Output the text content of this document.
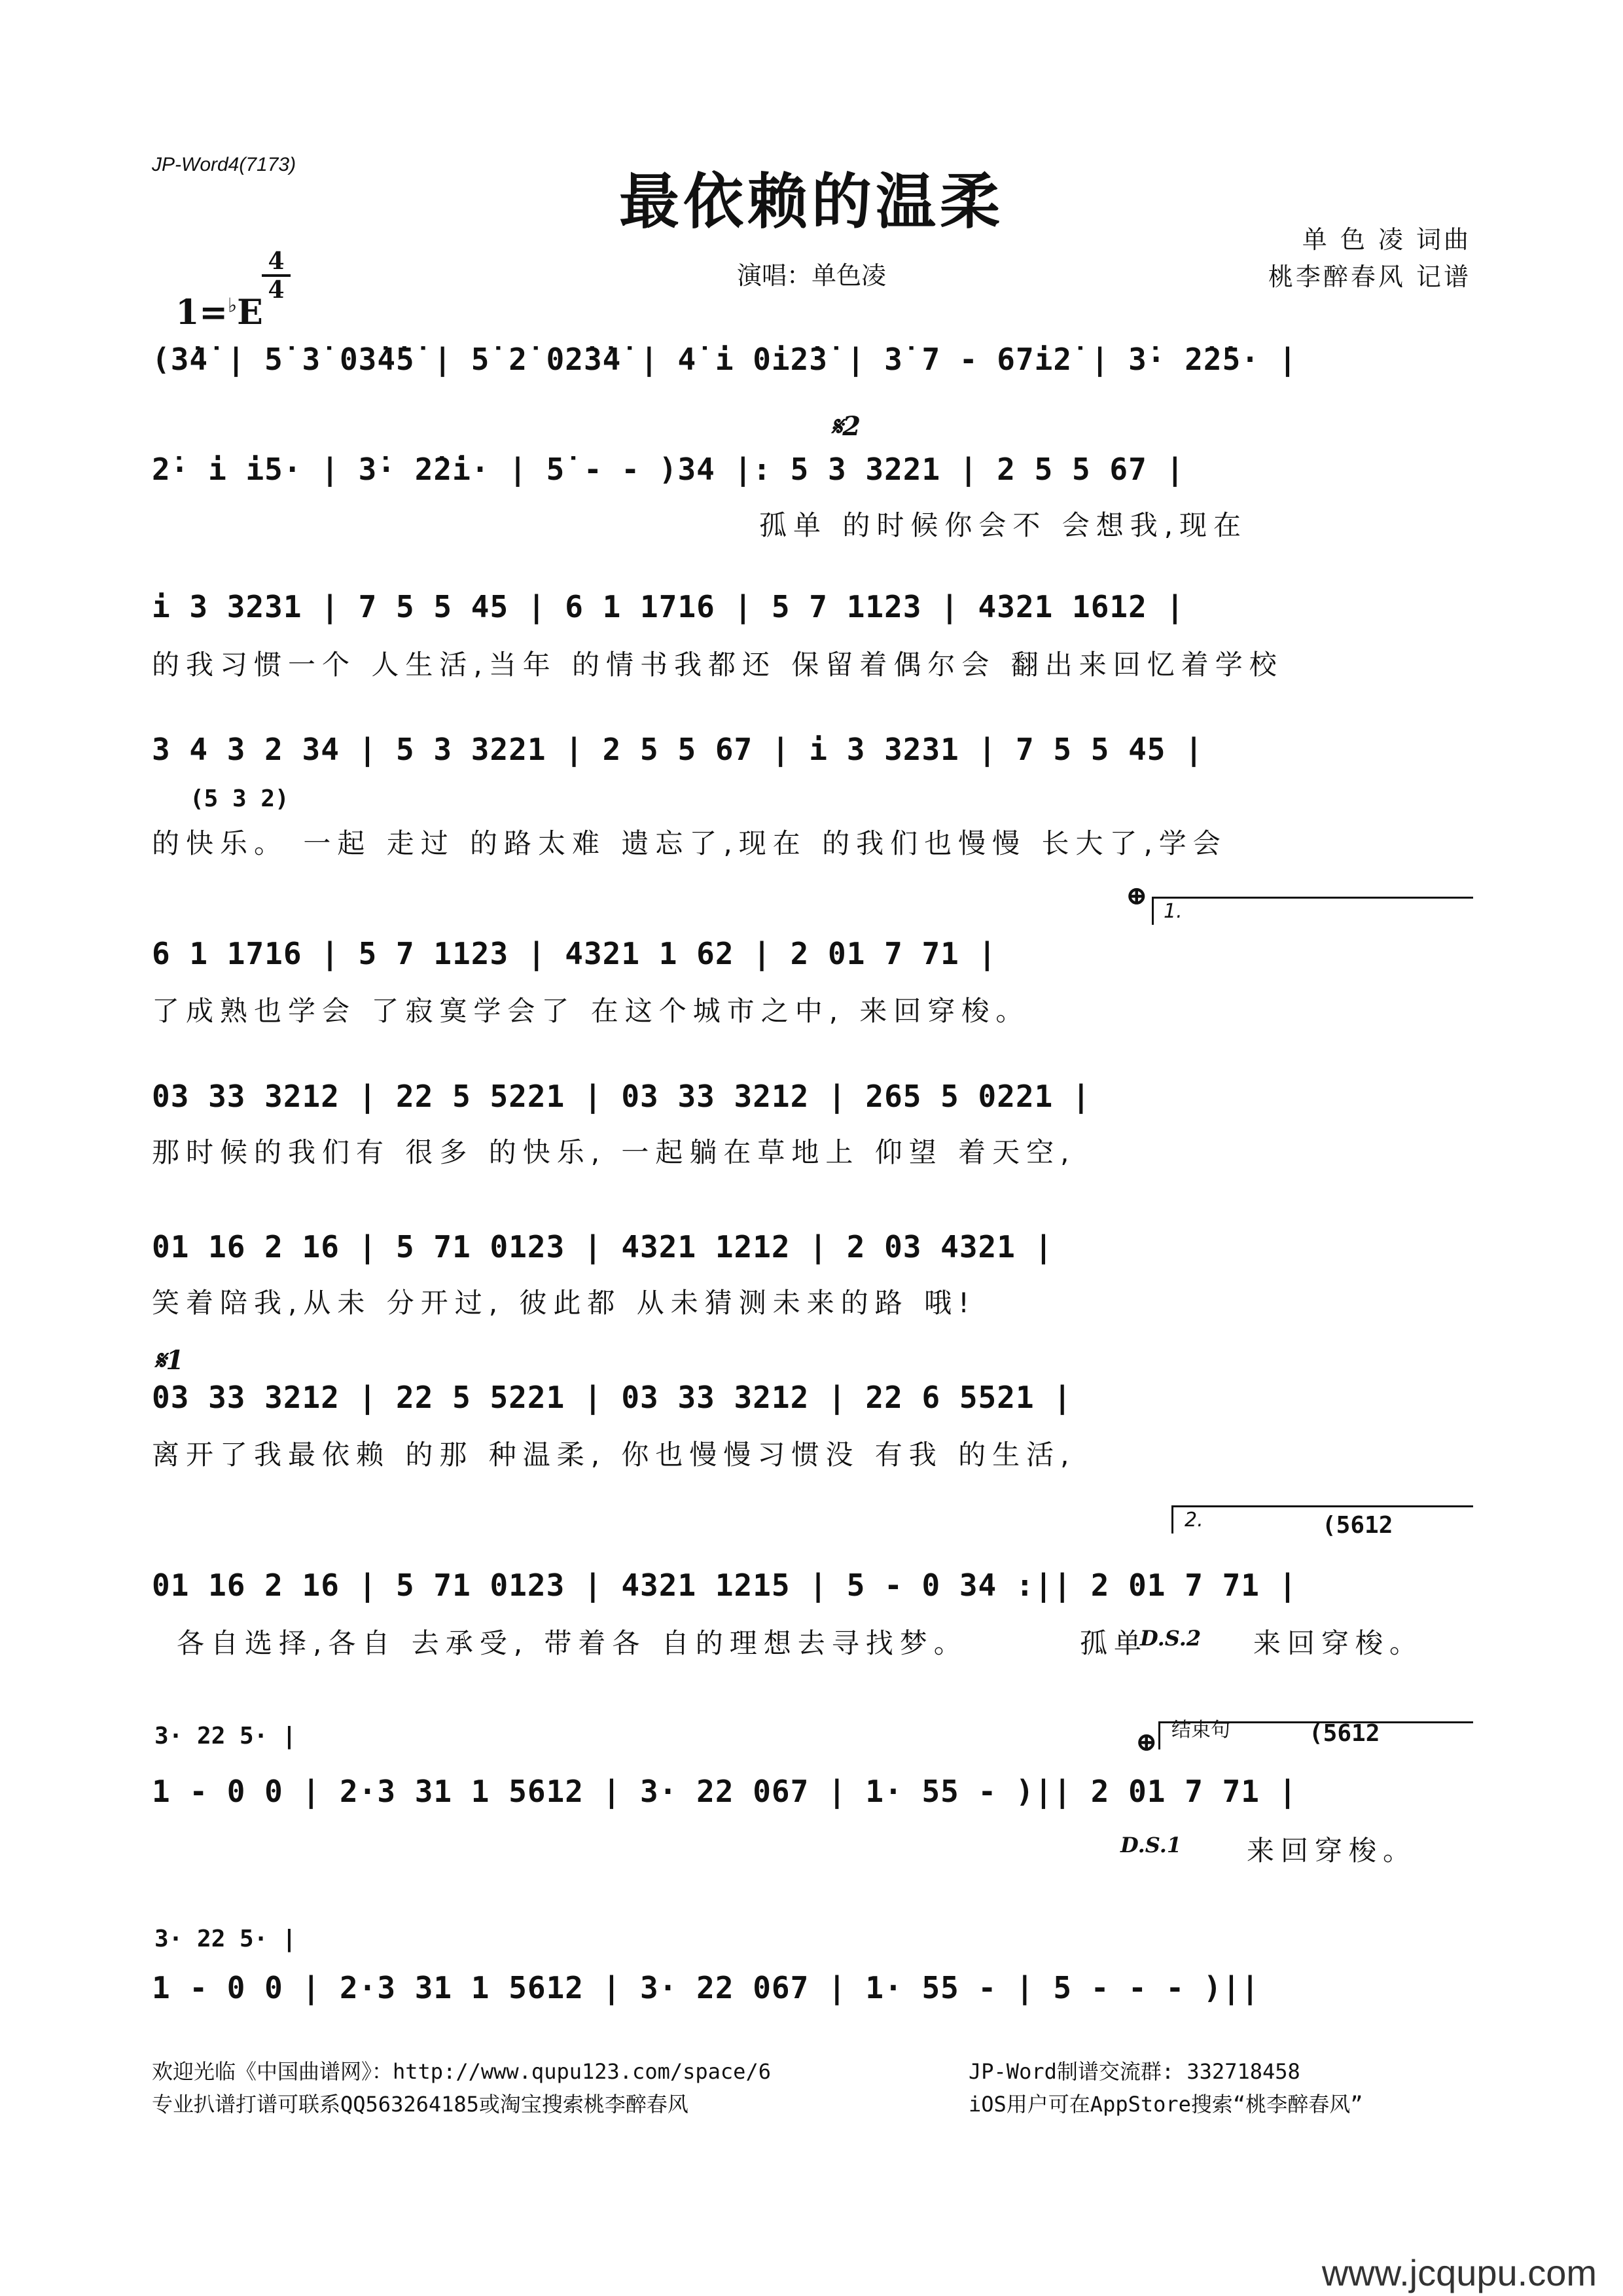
JP-Word4(7173)
最依赖的温柔
单 色 凌 词曲
桃李醉春风 记谱
演唱：单色凌

1=♭E

4
4
(3̇4̇ | 5̇ 3̇ 03̇4̇5̇ | 5̇ 2̇ 02̇3̇4̇ | 4̇ i 0i2̇3̇ | 3̇ 7 - 67i2̇ | 3̇· 2̇2̇5· |
𝄋2
2̇· i i5· | 3̇· 2̇2̇i· | 5̇ - - )34 |: 5 3 3221 | 2 5 5 67 |
孤单 的时候你会不 会想我,现在
i 3 3231 | 7 5 5 45 | 6 1 1716 | 5 7 1123 | 4321 1612 |
的我习惯一个 人生活,当年 的情书我都还 保留着偶尔会 翻出来回忆着学校
3 4 3 2 34 | 5 3 3221 | 2 5 5 67 | i 3 3231 | 7 5 5 45 |
(5 3 2)
的快乐。 一起 走过 的路太难 遗忘了,现在 的我们也慢慢 长大了,学会
⊕
1.
6 1 1716 | 5 7 1123 | 4321 1 62 | 2 01 7 71 |
了成熟也学会 了寂寞学会了 在这个城市之中, 来回穿梭。
03 33 3212 | 22 5 5221 | 03 33 3212 | 265 5 0221 |
那时候的我们有 很多 的快乐, 一起躺在草地上 仰望 着天空,
01 16 2 16 | 5 71 0123 | 4321 1212 | 2 03 4321 |
笑着陪我,从未 分开过, 彼此都 从未猜测未来的路 哦!
𝄋1
03 33 3212 | 22 5 5221 | 03 33 3212 | 22 6 5521 |
离开了我最依赖 的那 种温柔, 你也慢慢习惯没 有我 的生活,
2.	(5612
01 16 2 16 | 5 71 0123 | 4321 1215 | 5 - 0 34 :|| 2 01 7 71 |
各自选择,各自 去承受, 带着各 自的理想去寻找梦。	孤单
D.S.2 来回穿梭。
3· 22 5· |	⊕ 结束句	(5612
1 - 0 0 | 2·3 31 1 5612 | 3· 22 067 | 1· 55 - )|| 2 01 7 71 |
D.S.1 来回穿梭。
3· 22 5· |
1 - 0 0 | 2·3 31 1 5612 | 3· 22 067 | 1· 55 - | 5 - - - )||
欢迎光临《中国曲谱网》：http://www.qupu123.com/space/6
专业扒谱打谱可联系QQ563264185或淘宝搜索桃李醉春风
JP-Word制谱交流群: 332718458
iOS用户可在AppStore搜索“桃李醉春风”
www.jcqupu.com
